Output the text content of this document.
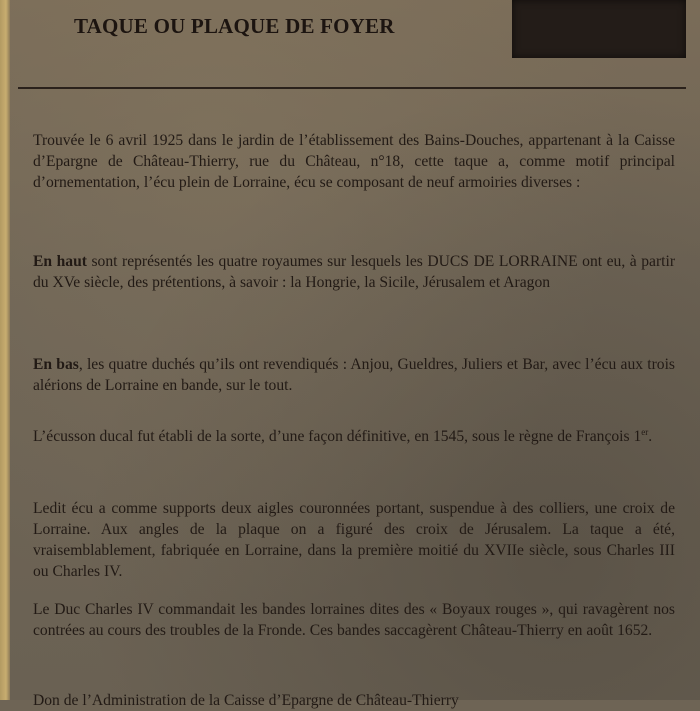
TAQUE OU PLAQUE DE FOYER

Trouvée le 6 avril 1925 dans le jardin de l’établissement des Bains-Douches, appartenant à la Caisse d’Epargne de Château-Thierry, rue du Château, n°18, cette taque a, comme motif principal d’ornementation, l’écu plein de Lorraine, écu se composant de neuf armoiries diverses :

En haut sont représentés les quatre royaumes sur lesquels les DUCS DE LORRAINE ont eu, à partir du XVe siècle, des prétentions, à savoir : la Hongrie, la Sicile, Jérusalem et Aragon

En bas, les quatre duchés qu’ils ont revendiqués : Anjou, Gueldres, Juliers et Bar, avec l’écu aux trois alérions de Lorraine en bande, sur le tout.

L’écusson ducal fut établi de la sorte, d’une façon définitive, en 1545, sous le règne de François 1er.

Ledit écu a comme supports deux aigles couronnées portant, suspendue à des colliers, une croix de Lorraine. Aux angles de la plaque on a figuré des croix de Jérusalem. La taque a été, vraisemblablement, fabriquée en Lorraine, dans la première moitié du XVIIe siècle, sous Charles III ou Charles IV.

Le Duc Charles IV commandait les bandes lorraines dites des « Boyaux rouges », qui ravagèrent nos contrées au cours des troubles de la Fronde. Ces bandes saccagèrent Château-Thierry en août 1652.

Don de l’Administration de la Caisse d’Epargne de Château-Thierry
